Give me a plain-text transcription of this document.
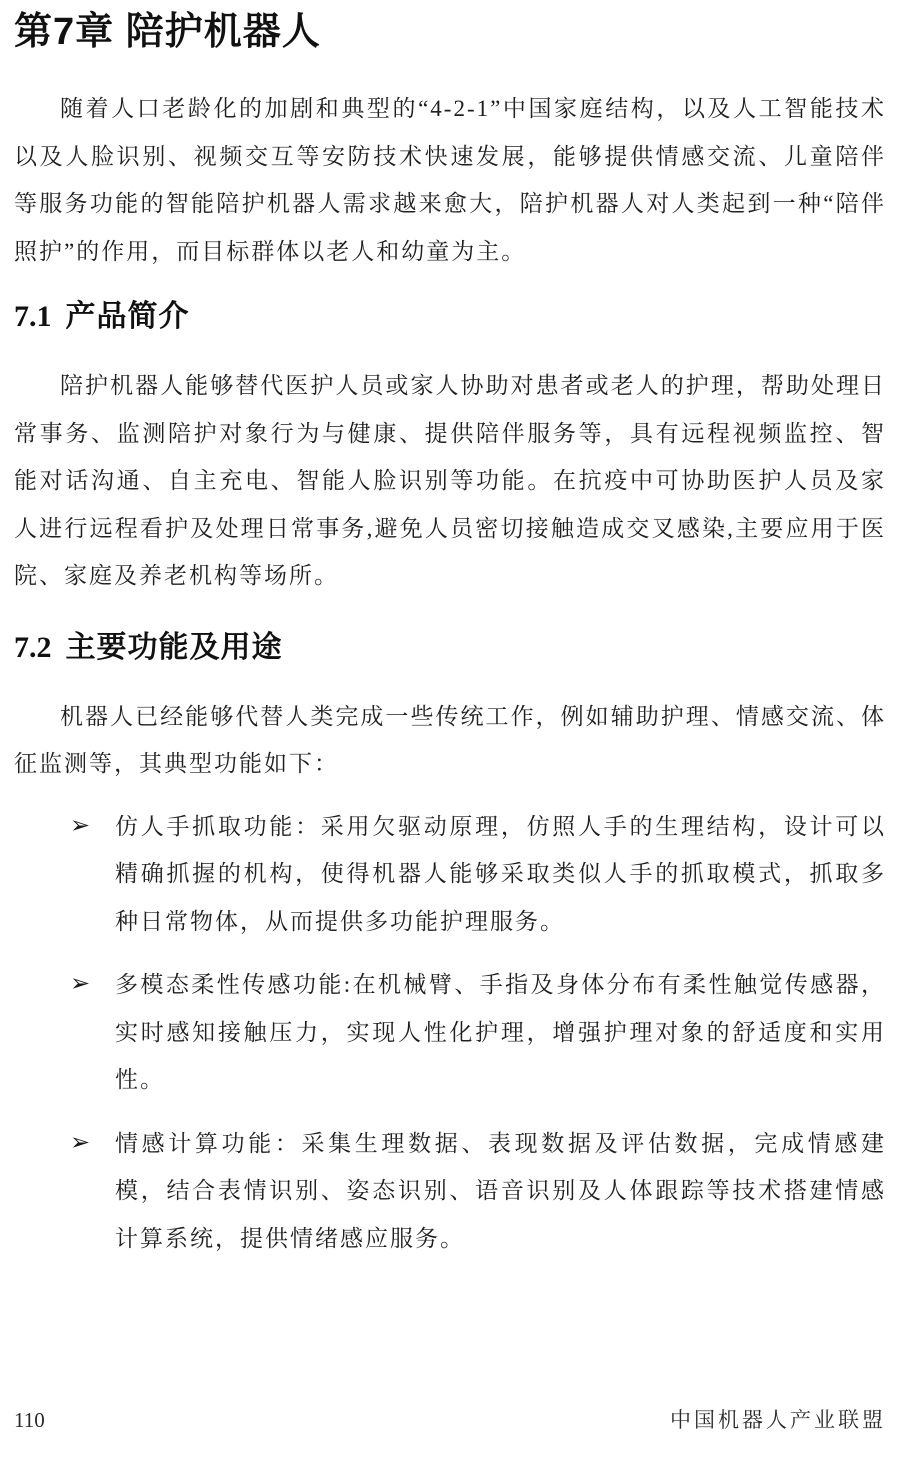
第7章 陪护机器人

随着人口老龄化的加剧和典型的“4-2-1”中国家庭结构，以及人工智能技术以及人脸识别、视频交互等安防技术快速发展，能够提供情感交流、儿童陪伴等服务功能的智能陪护机器人需求越来愈大，陪护机器人对人类起到一种“陪伴照护”的作用，而目标群体以老人和幼童为主。

7.1 产品简介

陪护机器人能够替代医护人员或家人协助对患者或老人的护理，帮助处理日常事务、监测陪护对象行为与健康、提供陪伴服务等，具有远程视频监控、智能对话沟通、自主充电、智能人脸识别等功能。在抗疫中可协助医护人员及家人进行远程看护及处理日常事务,避免人员密切接触造成交叉感染,主要应用于医院、家庭及养老机构等场所。

7.2 主要功能及用途

机器人已经能够代替人类完成一些传统工作，例如辅助护理、情感交流、体征监测等，其典型功能如下：

➢	仿人手抓取功能：采用欠驱动原理，仿照人手的生理结构，设计可以精确抓握的机构，使得机器人能够采取类似人手的抓取模式，抓取多种日常物体，从而提供多功能护理服务。
➢	多模态柔性传感功能:在机械臂、手指及身体分布有柔性触觉传感器，实时感知接触压力，实现人性化护理，增强护理对象的舒适度和实用性。
➢	情感计算功能：采集生理数据、表现数据及评估数据，完成情感建模，结合表情识别、姿态识别、语音识别及人体跟踪等技术搭建情感计算系统，提供情绪感应服务。
110	中国机器人产业联盟
